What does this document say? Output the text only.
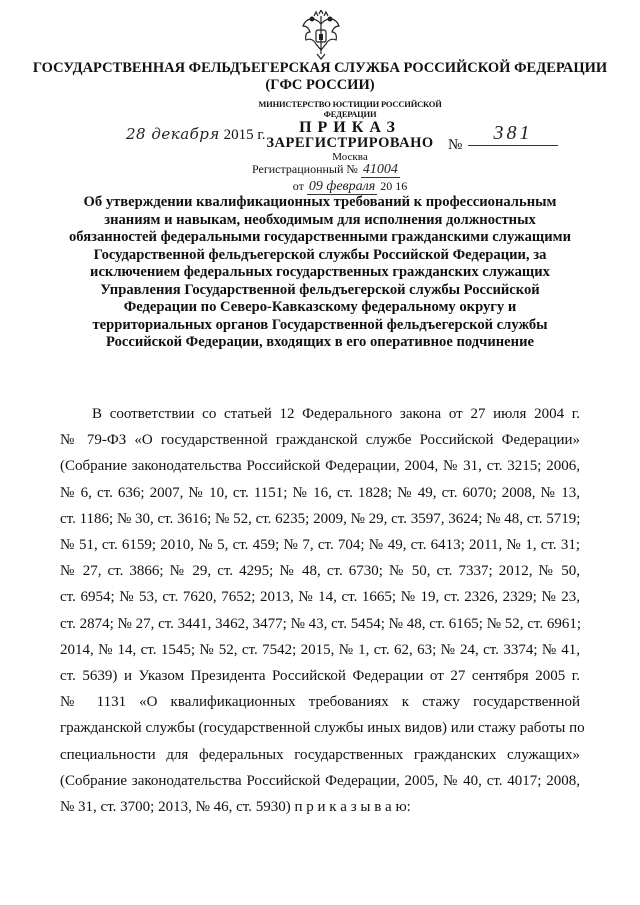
ГОСУДАРСТВЕННАЯ ФЕЛЬДЪЕГЕРСКАЯ СЛУЖБА РОССИЙСКОЙ ФЕДЕРАЦИИ
(ГФС РОССИИ)
28 декабря 2015 г.
№
381
МИНИСТЕРСТВО ЮСТИЦИИ РОССИЙСКОЙ ФЕДЕРАЦИИ
ПРИКАЗ
ЗАРЕГИСТРИРОВАНО
Москва
Регистрационный № 41004
от 09 февраля 20 16
Об утверждении квалификационных требований к профессиональным
знаниям и навыкам, необходимым для исполнения должностных
обязанностей федеральными государственными гражданскими служащими
Государственной фельдъегерской службы Российской Федерации, за
исключением федеральных государственных гражданских служащих
Управления Государственной фельдъегерской службы Российской
Федерации по Северо-Кавказскому федеральному округу и
территориальных органов Государственной фельдъегерской службы
Российской Федерации, входящих в его оперативное подчинение
В соответствии со статьей 12 Федерального закона от 27 июля 2004 г.
№ 79-ФЗ «О государственной гражданской службе Российской Федерации»
(Собрание законодательства Российской Федерации, 2004, № 31, ст. 3215; 2006,
№ 6, ст. 636; 2007, № 10, ст. 1151; № 16, ст. 1828; № 49, ст. 6070; 2008, № 13,
ст. 1186; № 30, ст. 3616; № 52, ст. 6235; 2009, № 29, ст. 3597, 3624; № 48, ст. 5719;
№ 51, ст. 6159; 2010, № 5, ст. 459; № 7, ст. 704; № 49, ст. 6413; 2011, № 1, ст. 31;
№ 27, ст. 3866; № 29, ст. 4295; № 48, ст. 6730; № 50, ст. 7337; 2012, № 50,
ст. 6954; № 53, ст. 7620, 7652; 2013, № 14, ст. 1665; № 19, ст. 2326, 2329; № 23,
ст. 2874; № 27, ст. 3441, 3462, 3477; № 43, ст. 5454; № 48, ст. 6165; № 52, ст. 6961;
2014, № 14, ст. 1545; № 52, ст. 7542; 2015, № 1, ст. 62, 63; № 24, ст. 3374; № 41,
ст. 5639) и Указом Президента Российской Федерации от 27 сентября 2005 г.
№ 1131 «О квалификационных требованиях к стажу государственной
гражданской службы (государственной службы иных видов) или стажу работы по
специальности для федеральных государственных гражданских служащих»
(Собрание законодательства Российской Федерации, 2005, № 40, ст. 4017; 2008,
№ 31, ст. 3700; 2013, № 46, ст. 5930) п р и к а з ы в а ю:
